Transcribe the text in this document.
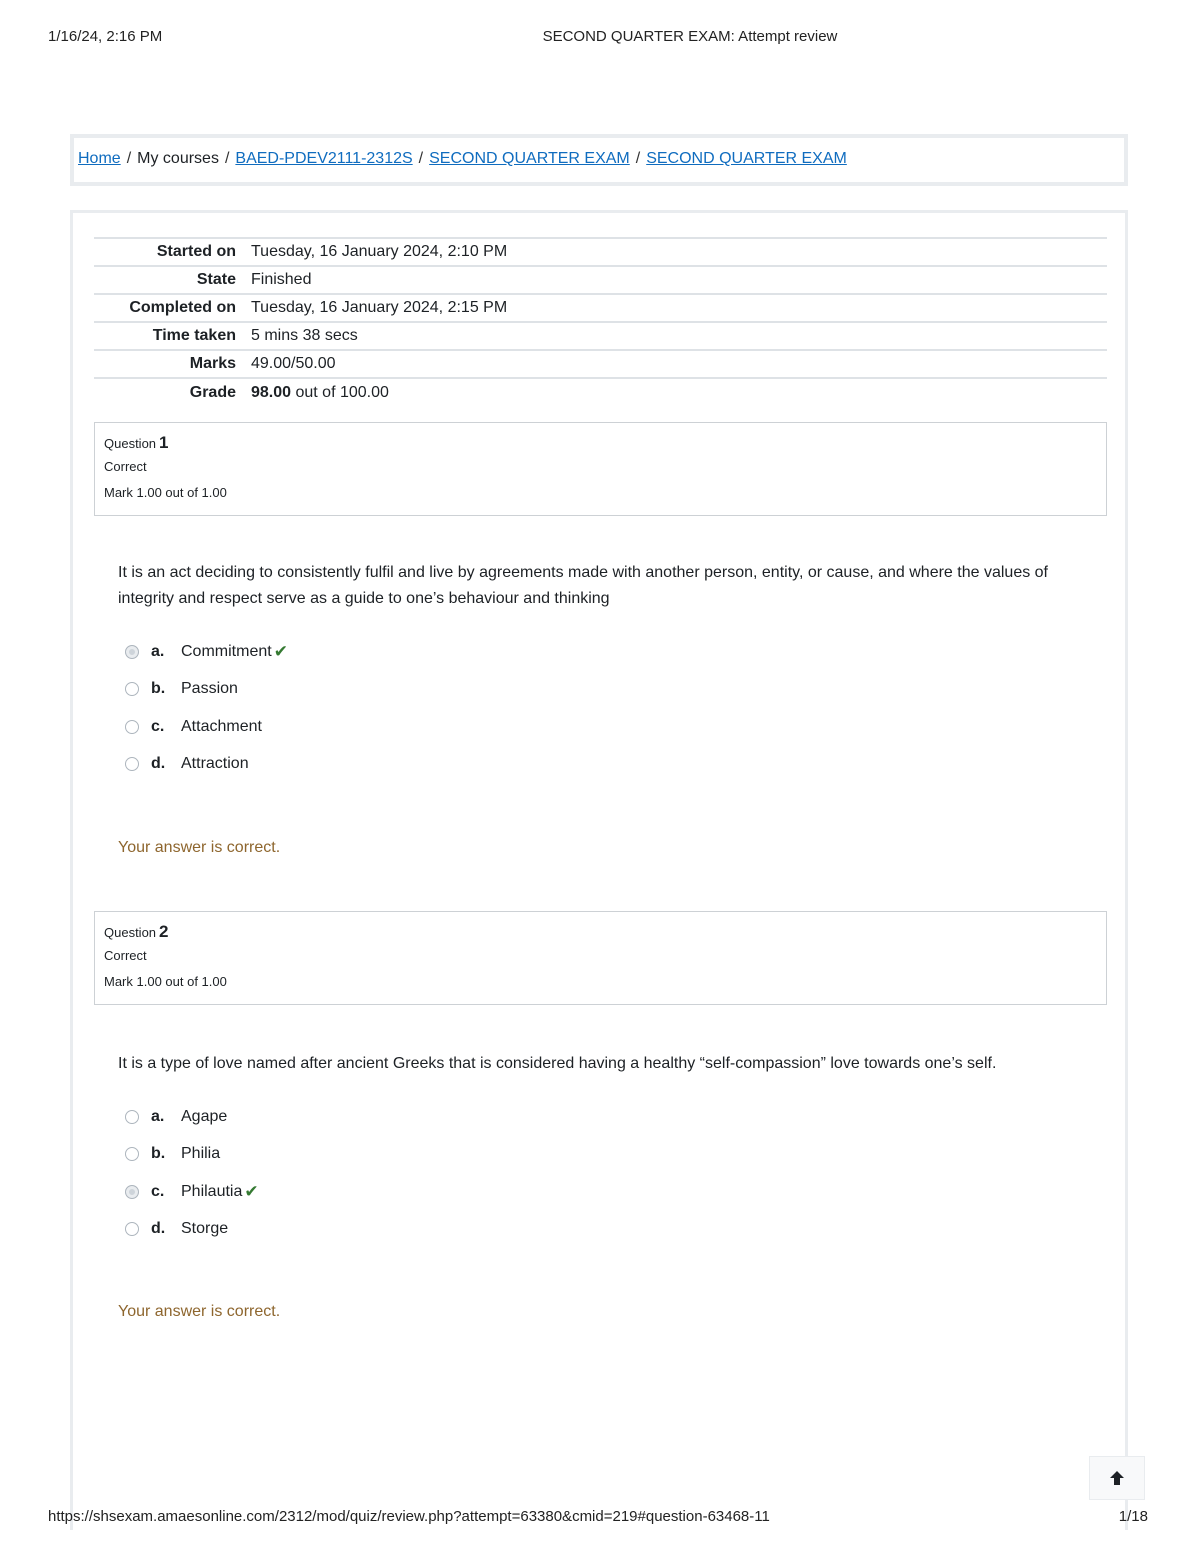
1/16/24, 2:16 PM	SECOND QUARTER EXAM: Attempt review
Home / My courses / BAED-PDEV2111-2312S / SECOND QUARTER EXAM / SECOND QUARTER EXAM
Started on Tuesday, 16 January 2024, 2:10 PM
State Finished
Completed on Tuesday, 16 January 2024, 2:15 PM
Time taken 5 mins 38 secs
Marks 49.00/50.00
Grade 98.00 out of 100.00
Question 1
Correct
Mark 1.00 out of 1.00
It is an act deciding to consistently fulfil and live by agreements made with another person, entity, or cause, and where the values of integrity and respect serve as a guide to one’s behaviour and thinking
a.	Commitment ✔
b. Passion
c.	Attachment
d. Attraction
Your answer is correct.
Question 2
Correct
Mark 1.00 out of 1.00
It is a type of love named after ancient Greeks that is considered having a healthy “self-compassion” love towards one’s self.
a.	Agape
b. Philia
c.	Philautia ✔
d. Storge
Your answer is correct.
https://shsexam.amaesonline.com/2312/mod/quiz/review.php?attempt=63380&cmid=219#question-63468-11	1/18
